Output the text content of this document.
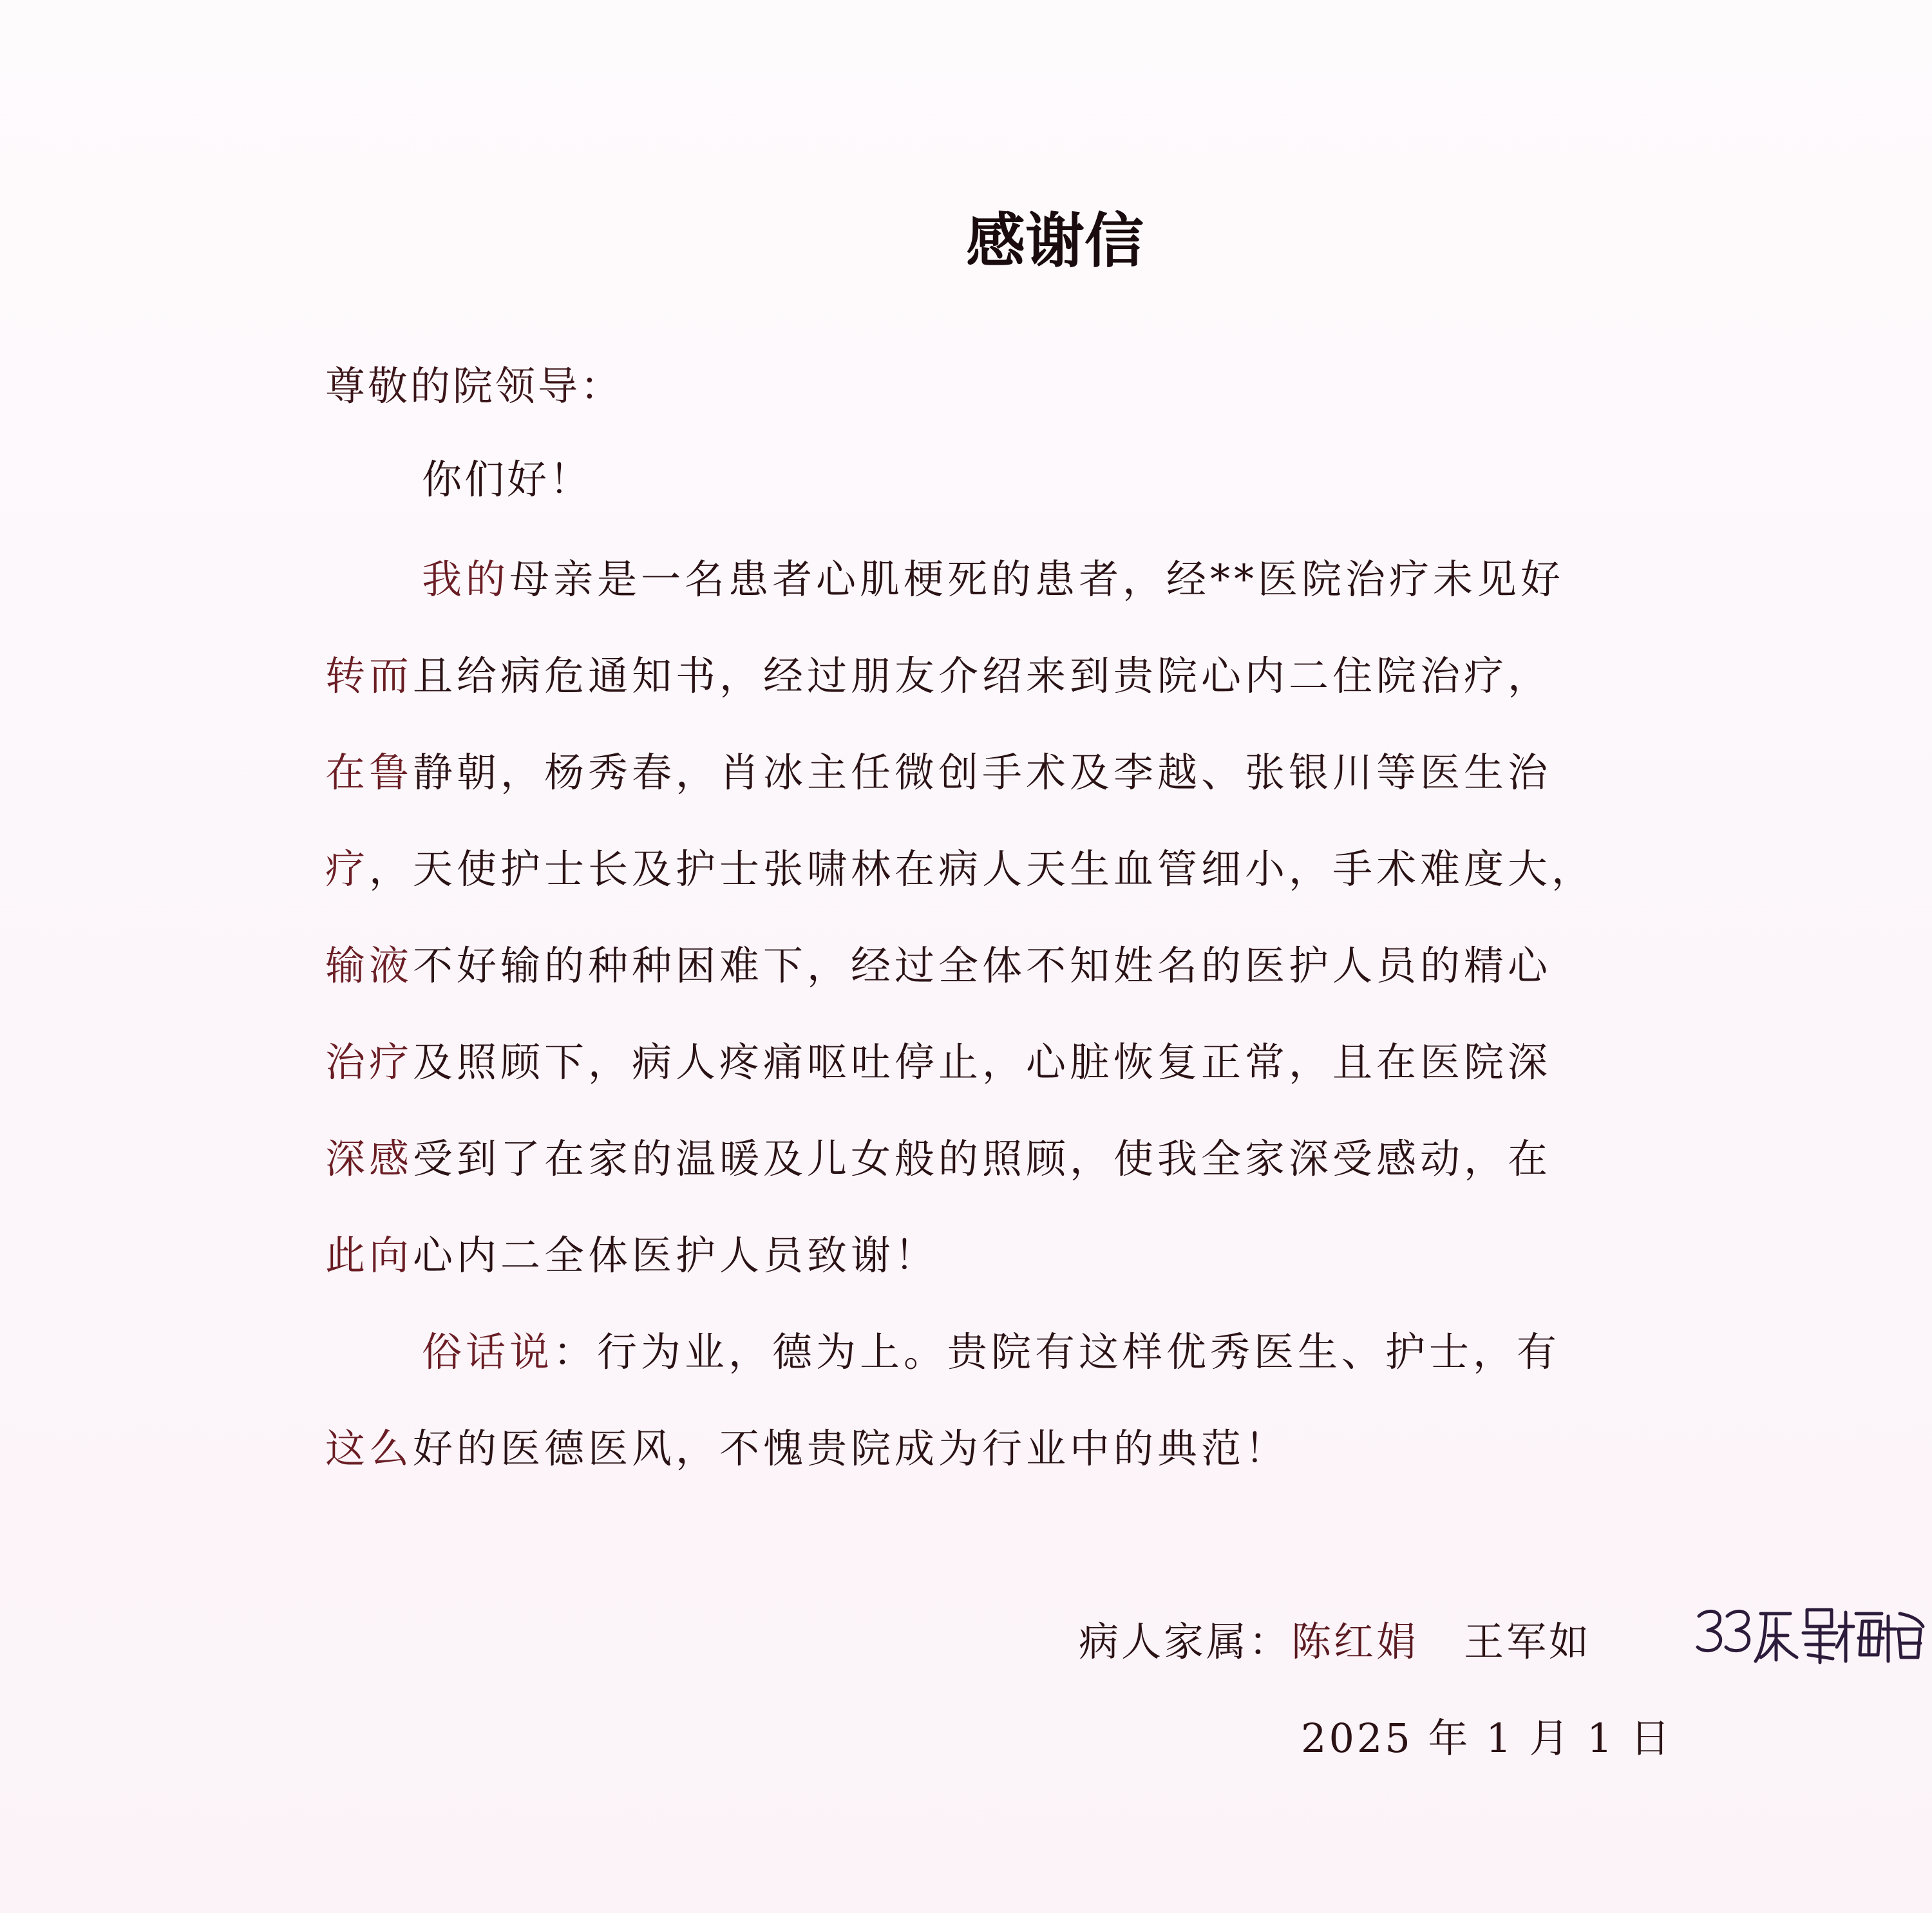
感谢信
尊敬的院领导：
你们好！
我的母亲是一名患者心肌梗死的患者，经**医院治疗未见好
转而且给病危通知书，经过朋友介绍来到贵院心内二住院治疗，
在鲁静朝，杨秀春，肖冰主任微创手术及李越、张银川等医生治
疗，天使护士长及护士张啸林在病人天生血管细小，手术难度大，
输液不好输的种种困难下，经过全体不知姓名的医护人员的精心
治疗及照顾下，病人疼痛呕吐停止，心脏恢复正常，且在医院深
深感受到了在家的温暖及儿女般的照顾，使我全家深受感动，在
此向心内二全体医护人员致谢！
俗话说：行为业，德为上。贵院有这样优秀医生、护士，有
这么好的医德医风，不愧贵院成为行业中的典范！
病人家属：陈红娟 王军如
2025 年 1 月 1 日
